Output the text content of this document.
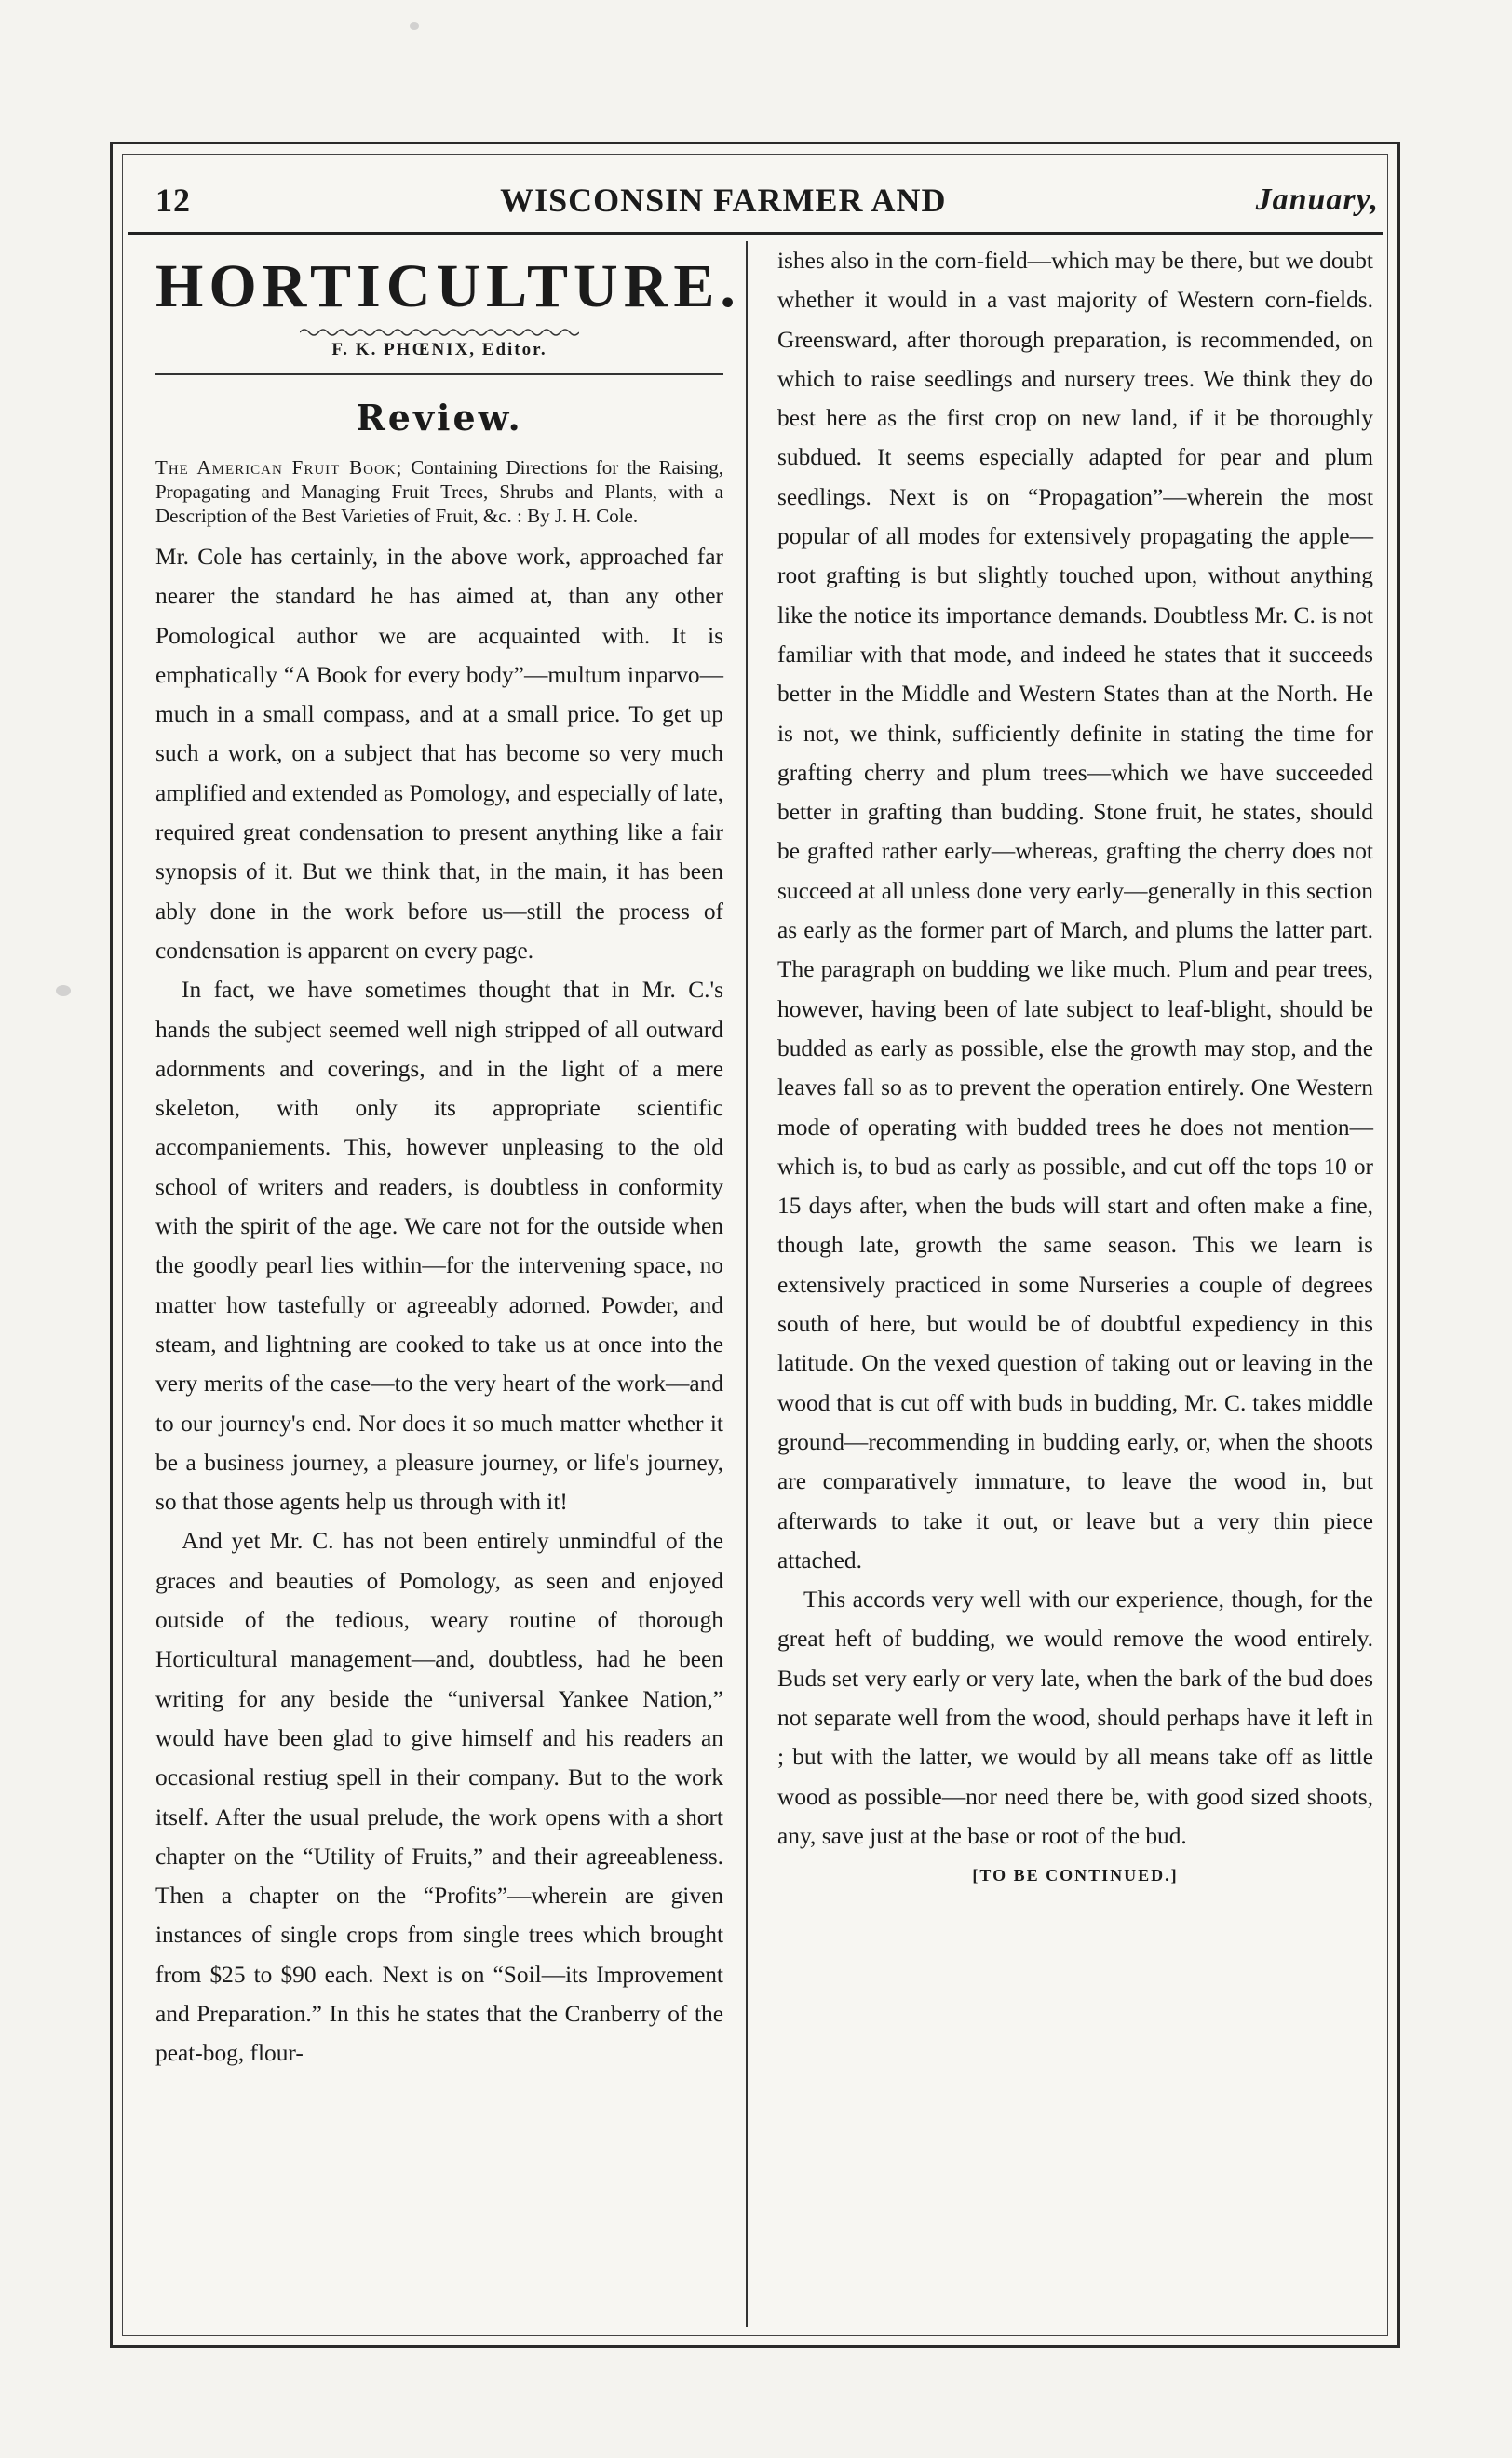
12	WISCONSIN FARMER AND	January,
HORTICULTURE.

F. K. PHŒNIX, Editor.

Review.
The American Fruit Book; Containing Directions for the Raising, Propagating and Managing Fruit Trees, Shrubs and Plants, with a Description of the Best Varieties of Fruit, &c. : By J. H. Cole.

Mr. Cole has certainly, in the above work, approached far nearer the standard he has aimed at, than any other Pomological author we are acquainted with. It is emphatically “A Book for every body”—multum inparvo—much in a small compass, and at a small price. To get up such a work, on a subject that has become so very much amplified and extended as Pomology, and especially of late, required great condensation to present anything like a fair synopsis of it. But we think that, in the main, it has been ably done in the work before us—still the process of condensation is apparent on every page.

In fact, we have sometimes thought that in Mr. C.'s hands the subject seemed well nigh stripped of all outward adornments and coverings, and in the light of a mere skeleton, with only its appropriate scientific accompaniements. This, however unpleasing to the old school of writers and readers, is doubtless in conformity with the spirit of the age. We care not for the outside when the goodly pearl lies within—for the intervening space, no matter how tastefully or agreeably adorned. Powder, and steam, and lightning are cooked to take us at once into the very merits of the case—to the very heart of the work—and to our journey's end. Nor does it so much matter whether it be a business journey, a pleasure journey, or life's journey, so that those agents help us through with it!

And yet Mr. C. has not been entirely unmindful of the graces and beauties of Pomology, as seen and enjoyed outside of the tedious, weary routine of thorough Horticultural management—and, doubtless, had he been writing for any beside the “universal Yankee Nation,” would have been glad to give himself and his readers an occasional restiug spell in their company. But to the work itself. After the usual prelude, the work opens with a short chapter on the “Utility of Fruits,” and their agreeableness. Then a chapter on the “Profits”—wherein are given instances of single crops from single trees which brought from $25 to $90 each. Next is on “Soil—its Improvement and Preparation.” In this he states that the Cranberry of the peat-bog, flour-

ishes also in the corn-field—which may be there, but we doubt whether it would in a vast majority of Western corn-fields. Greensward, after thorough preparation, is recommended, on which to raise seedlings and nursery trees. We think they do best here as the first crop on new land, if it be thoroughly subdued. It seems especially adapted for pear and plum seedlings. Next is on “Propagation”—wherein the most popular of all modes for extensively propagating the apple—root grafting is but slightly touched upon, without anything like the notice its importance demands. Doubtless Mr. C. is not familiar with that mode, and indeed he states that it succeeds better in the Middle and Western States than at the North. He is not, we think, sufficiently definite in stating the time for grafting cherry and plum trees—which we have succeeded better in grafting than budding. Stone fruit, he states, should be grafted rather early—whereas, grafting the cherry does not succeed at all unless done very early—generally in this section as early as the former part of March, and plums the latter part. The paragraph on budding we like much. Plum and pear trees, however, having been of late subject to leaf-blight, should be budded as early as possible, else the growth may stop, and the leaves fall so as to prevent the operation entirely. One Western mode of operating with budded trees he does not mention—which is, to bud as early as possible, and cut off the tops 10 or 15 days after, when the buds will start and often make a fine, though late, growth the same season. This we learn is extensively practiced in some Nurseries a couple of degrees south of here, but would be of doubtful expediency in this latitude. On the vexed question of taking out or leaving in the wood that is cut off with buds in budding, Mr. C. takes middle ground—recommending in budding early, or, when the shoots are comparatively immature, to leave the wood in, but afterwards to take it out, or leave but a very thin piece attached.

This accords very well with our experience, though, for the great heft of budding, we would remove the wood entirely. Buds set very early or very late, when the bark of the bud does not separate well from the wood, should perhaps have it left in ; but with the latter, we would by all means take off as little wood as possible—nor need there be, with good sized shoots, any, save just at the base or root of the bud.

[TO BE CONTINUED.]
